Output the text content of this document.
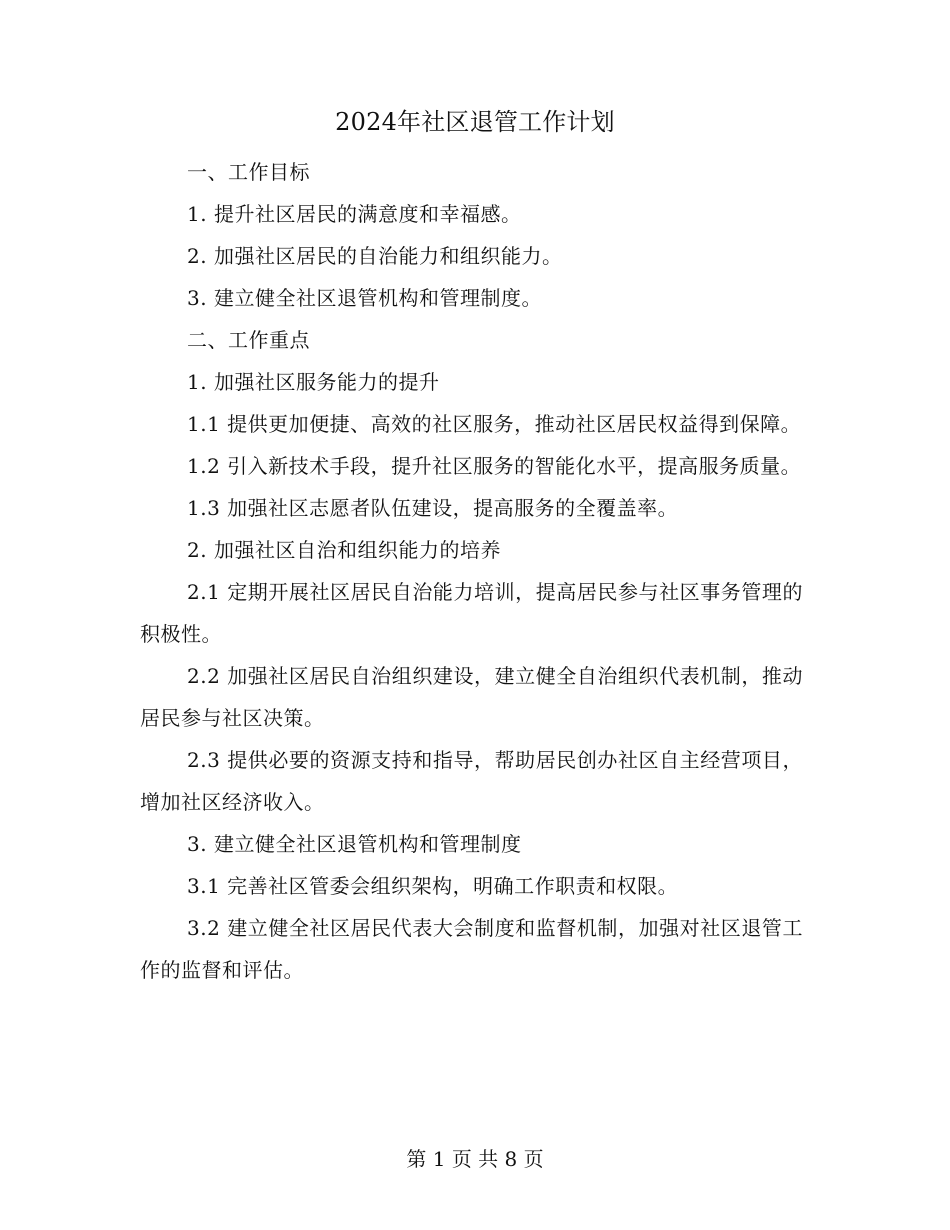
2024年社区退管工作计划

一、工作目标

1. 提升社区居民的满意度和幸福感。

2. 加强社区居民的自治能力和组织能力。

3. 建立健全社区退管机构和管理制度。

二、工作重点

1. 加强社区服务能力的提升

1.1 提供更加便捷、高效的社区服务，推动社区居民权益得到保障。

1.2 引入新技术手段，提升社区服务的智能化水平，提高服务质量。

1.3 加强社区志愿者队伍建设，提高服务的全覆盖率。

2. 加强社区自治和组织能力的培养

2.1 定期开展社区居民自治能力培训，提高居民参与社区事务管理的积极性。

2.2 加强社区居民自治组织建设，建立健全自治组织代表机制，推动居民参与社区决策。

2.3 提供必要的资源支持和指导，帮助居民创办社区自主经营项目，增加社区经济收入。

3. 建立健全社区退管机构和管理制度

3.1 完善社区管委会组织架构，明确工作职责和权限。

3.2 建立健全社区居民代表大会制度和监督机制，加强对社区退管工作的监督和评估。

第 1 页 共 8 页
